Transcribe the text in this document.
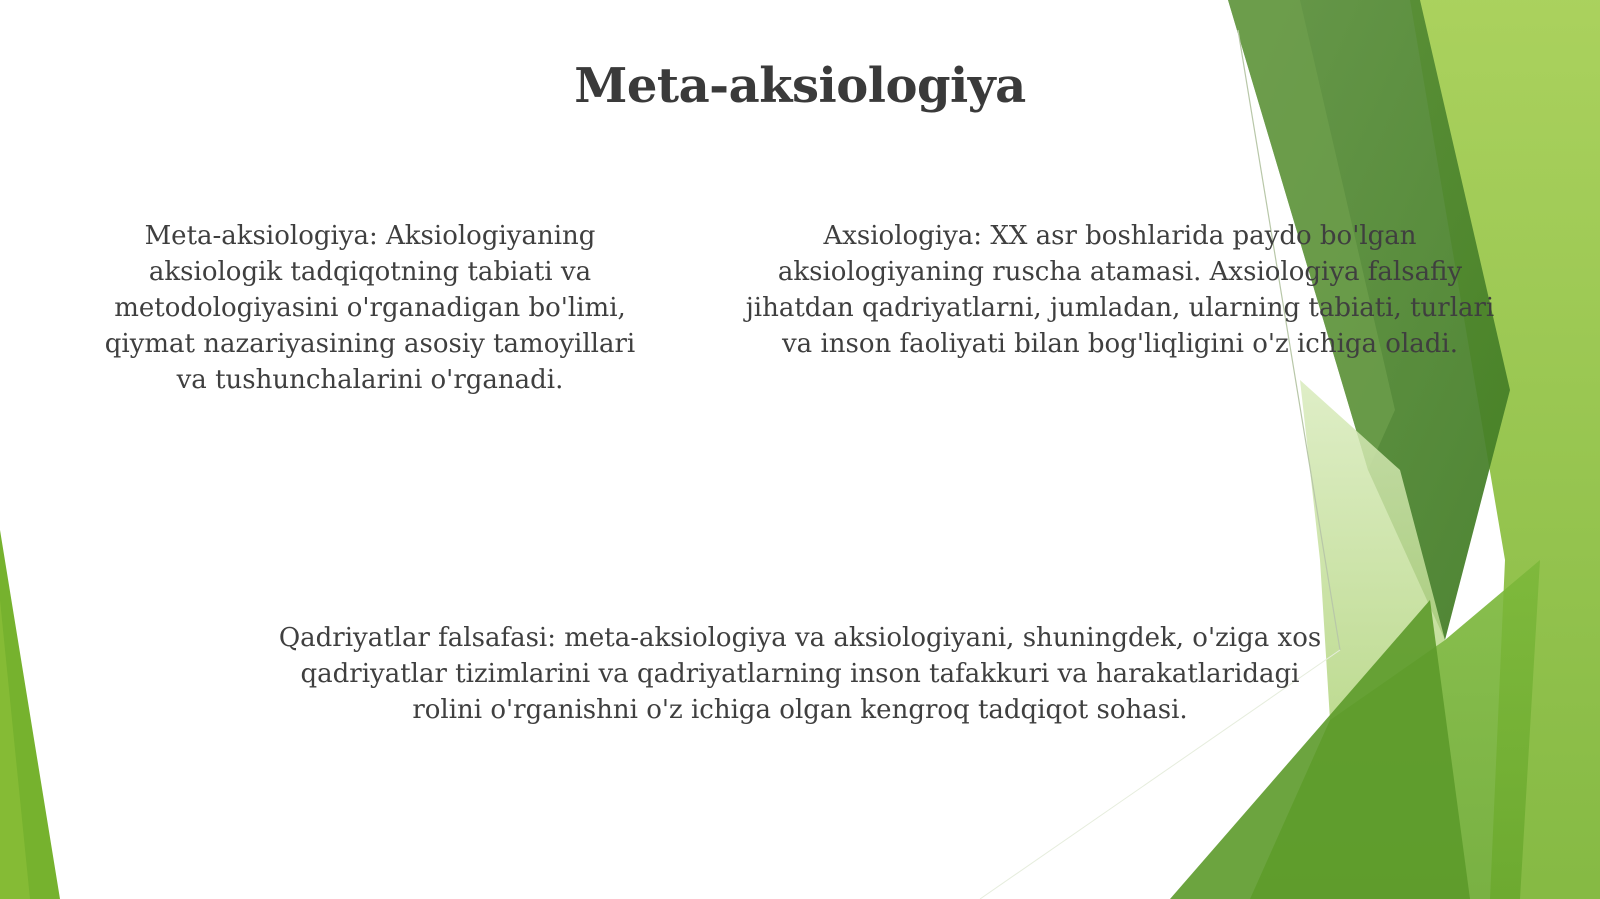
Meta-aksiologiya

Meta-aksiologiya: Aksiologiyaning
aksiologik tadqiqotning tabiati va
metodologiyasini o'rganadigan bo'limi,
qiymat nazariyasining asosiy tamoyillari
va tushunchalarini o'rganadi.

Axsiologiya: XX asr boshlarida paydo bo'lgan
aksiologiyaning ruscha atamasi. Axsiologiya falsafiy
jihatdan qadriyatlarni, jumladan, ularning tabiati, turlari
va inson faoliyati bilan bog'liqligini o'z ichiga oladi.

Qadriyatlar falsafasi: meta-aksiologiya va aksiologiyani, shuningdek, o'ziga xos
qadriyatlar tizimlarini va qadriyatlarning inson tafakkuri va harakatlaridagi
rolini o'rganishni o'z ichiga olgan kengroq tadqiqot sohasi.
